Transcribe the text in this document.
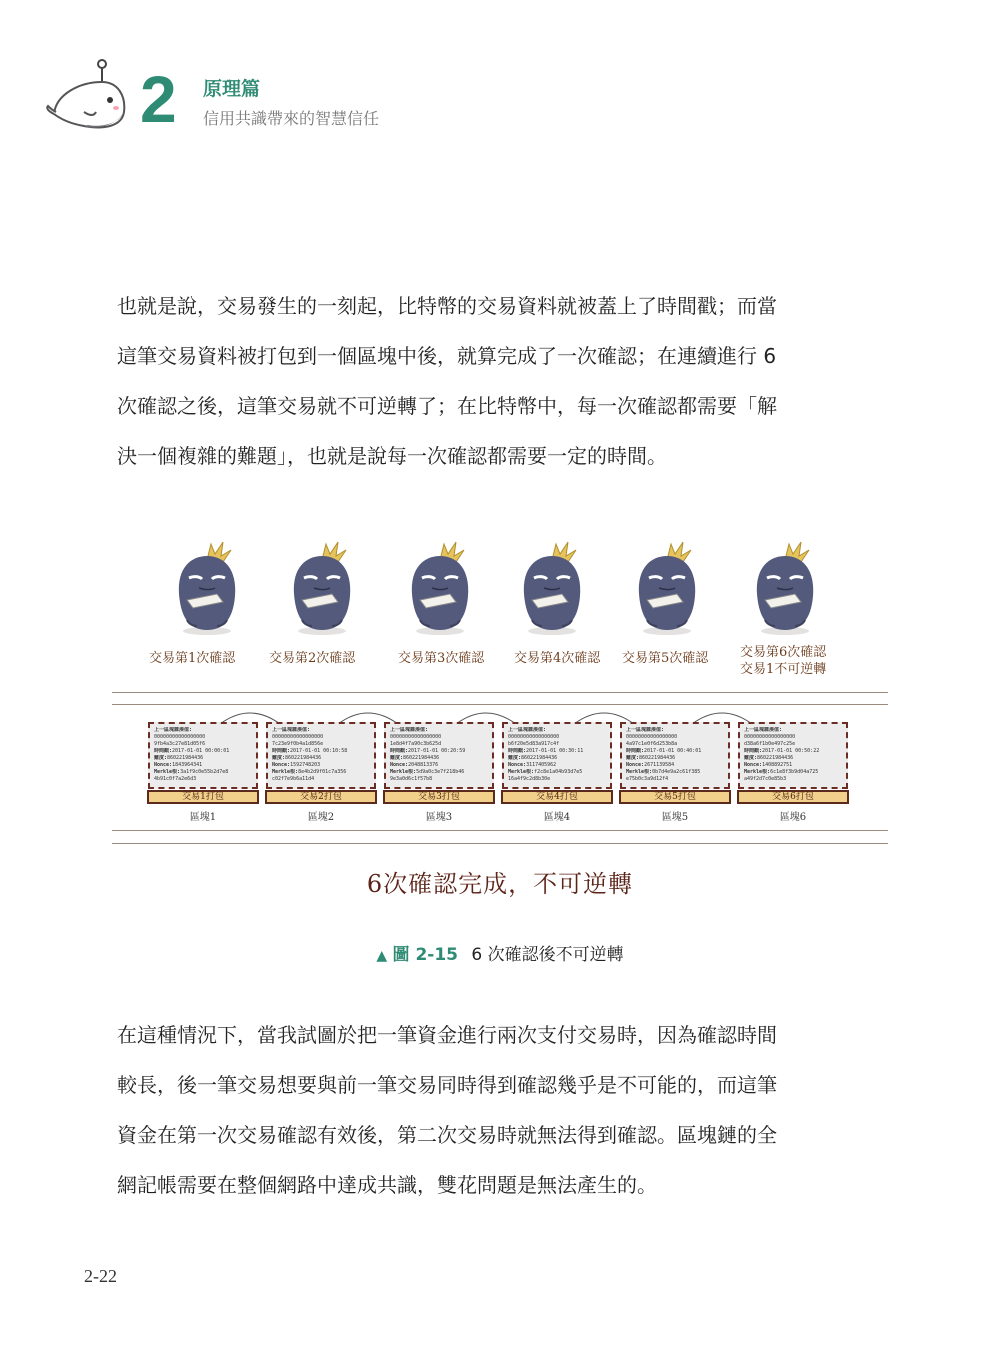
2 原理篇
信用共識帶來的智慧信任
也就是說，交易發生的一刻起，比特幣的交易資料就被蓋上了時間戳；而當
這筆交易資料被打包到一個區塊中後，就算完成了一次確認；在連續進行 6
次確認之後，這筆交易就不可逆轉了；在比特幣中，每一次確認都需要「解
決一個複雜的難題」，也就是說每一次確認都需要一定的時間。
交易第1次確認	交易第2次確認	交易第3次確認 交易第4次確認 交易第5次確認 交易第6次確認
交易1不可逆轉
上一區塊雜湊值:
00000000000000000
9fb4a3c27e81d05f6
時間戳:2017-01-01 00:00:01
難度:860221984436
Nonce:1843964341
Merkle根:3a1f9c0e55b2d7e8
4b91c0f7a2e6d3
交易1打包
區塊1
上一區塊雜湊值:
00000000000000000
7c23e9f0b4a1d856e
時間戳:2017-01-01 00:10:58
難度:860221984436
Nonce:1592748203
Merkle根:8e4b2d9f01c7a356
c02f7e9b6a11d4
交易2打包
區塊2
上一區塊雜湊值:
00000000000000000
1e8d4f7a90c3b625d
時間戳:2017-01-01 00:20:59
難度:860221984436
Nonce:2048813376
Merkle根:5d9a0c3e7f218b46
9e3a0d6c1f57b8
交易3打包
區塊3
上一區塊雜湊值:
00000000000000000
b6f20e5d83a917c4f
時間戳:2017-01-01 00:30:11
難度:860221984436
Nonce:3117405962
Merkle根:f2c8e1a04b93d7e5
16a4f9c2d8b30e
交易4打包
區塊4
上一區塊雜湊值:
00000000000000000
4a97c1e0f6d253b8a
時間戳:2017-01-01 00:40:01
難度:860221984436
Nonce:2671139584
Merkle根:0b7d4e9a2c61f385
e75b0c3a9d12f4
交易5打包
區塊5
上一區塊雜湊值:
00000000000000000
d38a6f1b0e497c25e
時間戳:2017-01-01 00:50:22
難度:860221984436
Nonce:1408892751
Merkle根:6c1e8f3b9d04a725
a49f2d7c0e85b3
交易6打包
區塊6
6次確認完成，不可逆轉
▲ 圖 2-15 6 次確認後不可逆轉
在這種情況下，當我試圖於把一筆資金進行兩次支付交易時，因為確認時間
較長，後一筆交易想要與前一筆交易同時得到確認幾乎是不可能的，而這筆
資金在第一次交易確認有效後，第二次交易時就無法得到確認。區塊鏈的全
網記帳需要在整個網路中達成共識，雙花問題是無法產生的。
2-22
